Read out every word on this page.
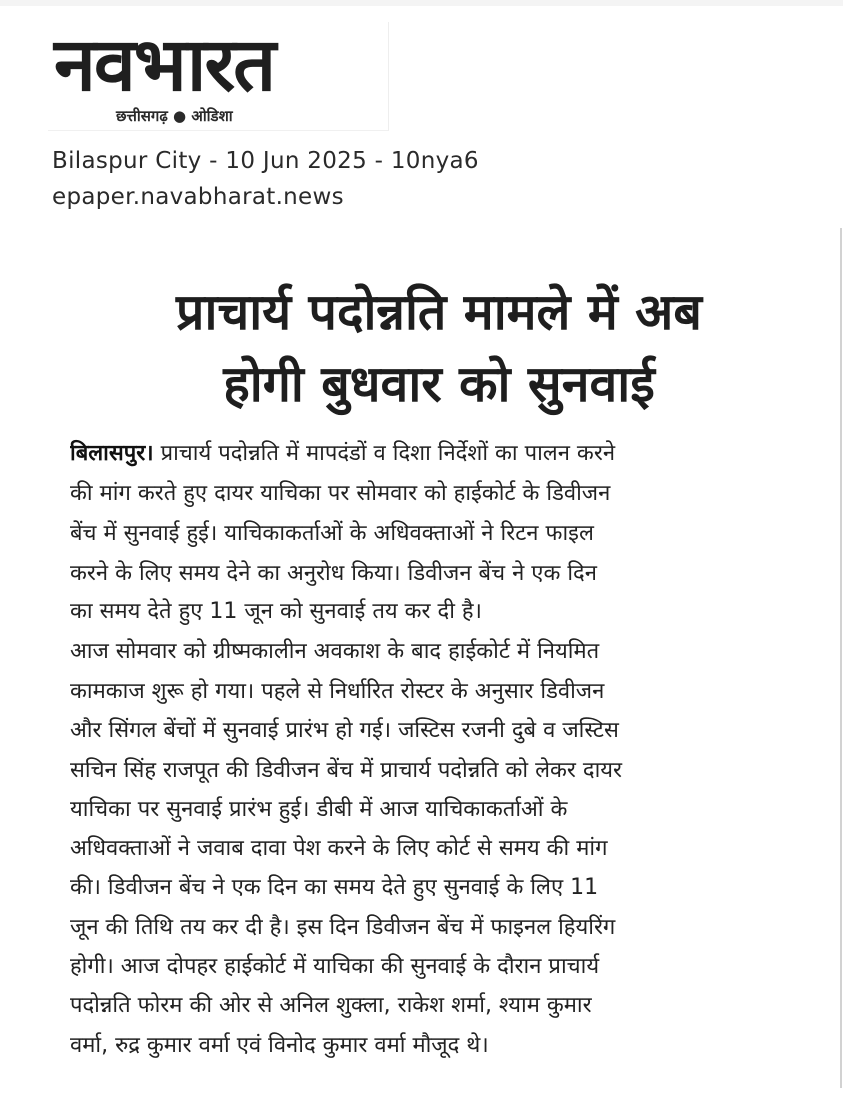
नवभारत
छत्तीसगढ़ ● ओडिशा
Bilaspur City - 10 Jun 2025 - 10nya6
epaper.navabharat.news
प्राचार्य पदोन्नति मामले में अब
होगी बुधवार को सुनवाई
बिलासपुर। प्राचार्य पदोन्नति में मापदंडों व दिशा निर्देशों का पालन करने
की मांग करते हुए दायर याचिका पर सोमवार को हाईकोर्ट के डिवीजन
बेंच में सुनवाई हुई। याचिकाकर्ताओं के अधिवक्ताओं ने रिटन फाइल
करने के लिए समय देने का अनुरोध किया। डिवीजन बेंच ने एक दिन
का समय देते हुए 11 जून को सुनवाई तय कर दी है।
आज सोमवार को ग्रीष्मकालीन अवकाश के बाद हाईकोर्ट में नियमित
कामकाज शुरू हो गया। पहले से निर्धारित रोस्टर के अनुसार डिवीजन
और सिंगल बेंचों में सुनवाई प्रारंभ हो गई। जस्टिस रजनी दुबे व जस्टिस
सचिन सिंह राजपूत की डिवीजन बेंच में प्राचार्य पदोन्नति को लेकर दायर
याचिका पर सुनवाई प्रारंभ हुई। डीबी में आज याचिकाकर्ताओं के
अधिवक्ताओं ने जवाब दावा पेश करने के लिए कोर्ट से समय की मांग
की। डिवीजन बेंच ने एक दिन का समय देते हुए सुनवाई के लिए 11
जून की तिथि तय कर दी है। इस दिन डिवीजन बेंच में फाइनल हियरिंग
होगी। आज दोपहर हाईकोर्ट में याचिका की सुनवाई के दौरान प्राचार्य
पदोन्नति फोरम की ओर से अनिल शुक्ला, राकेश शर्मा, श्याम कुमार
वर्मा, रुद्र कुमार वर्मा एवं विनोद कुमार वर्मा मौजूद थे।
